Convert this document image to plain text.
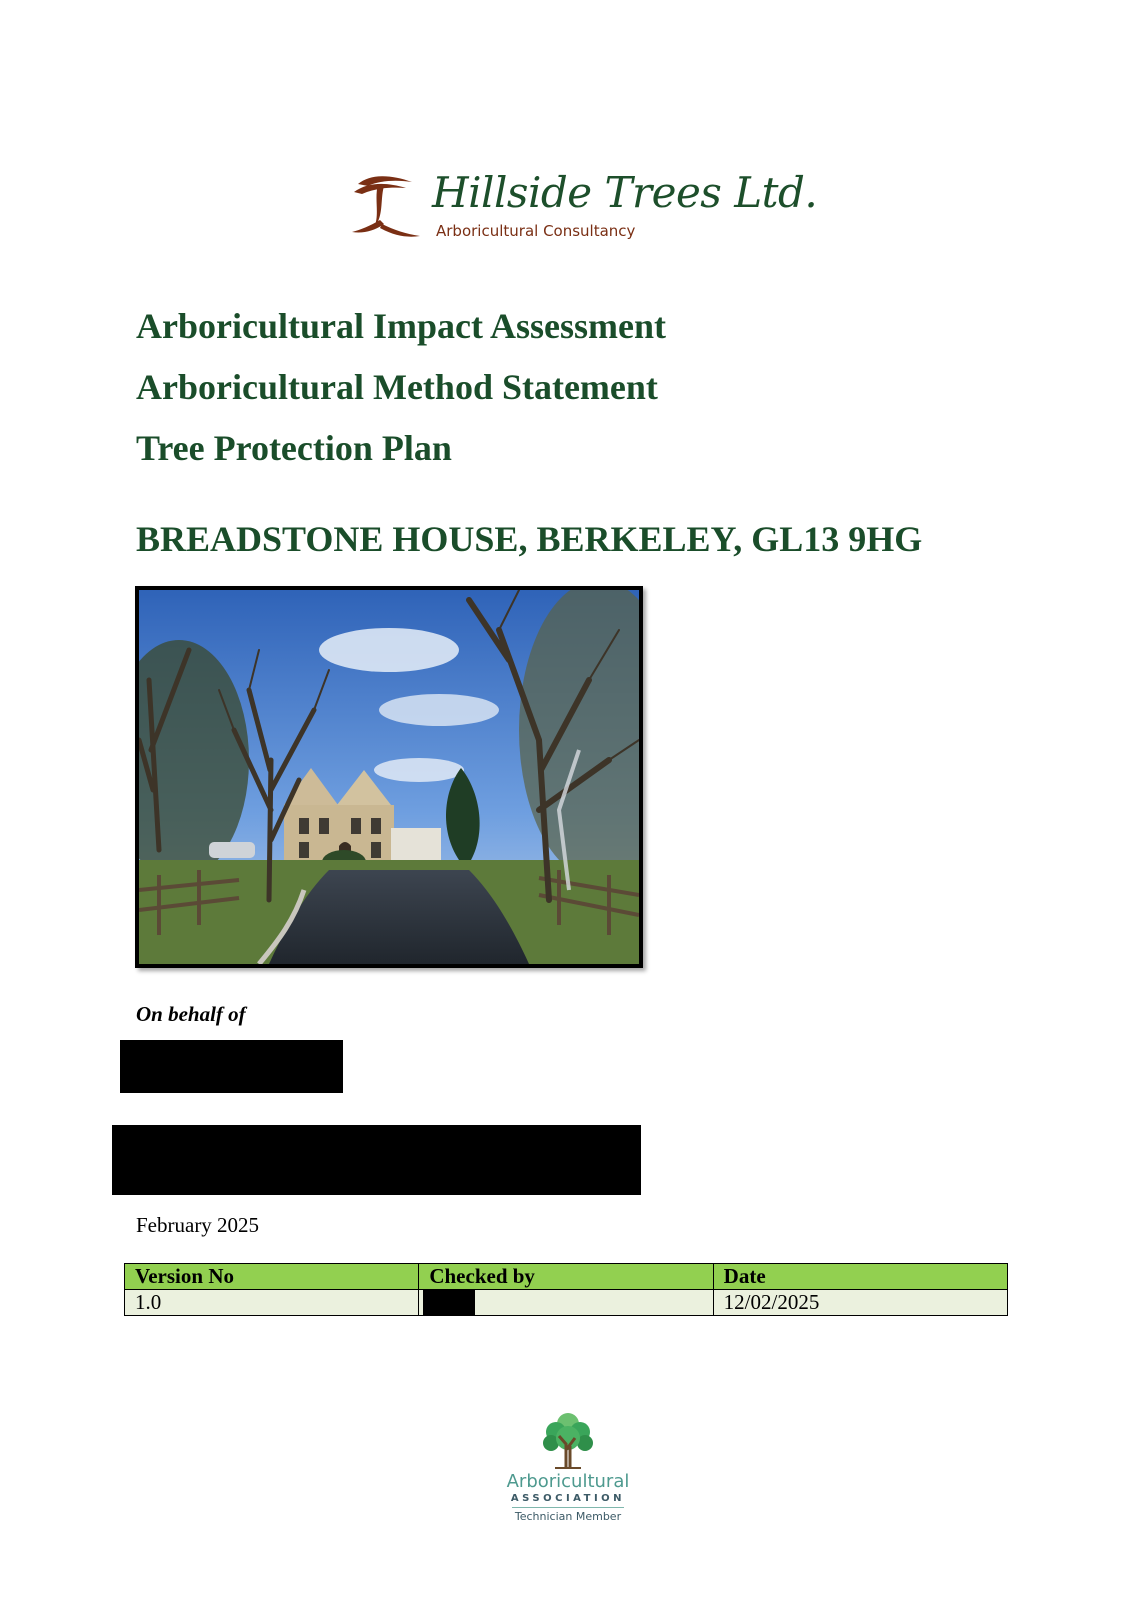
Hillside Trees Ltd.
Arboricultural Consultancy
Arboricultural Impact Assessment
Arboricultural Method Statement
Tree Protection Plan
BREADSTONE HOUSE, BERKELEY, GL13 9HG
On behalf of
February 2025
Version No	Checked by	Date
1.0		12/02/2025
Arboricultural
ASSOCIATION
Technician Member
